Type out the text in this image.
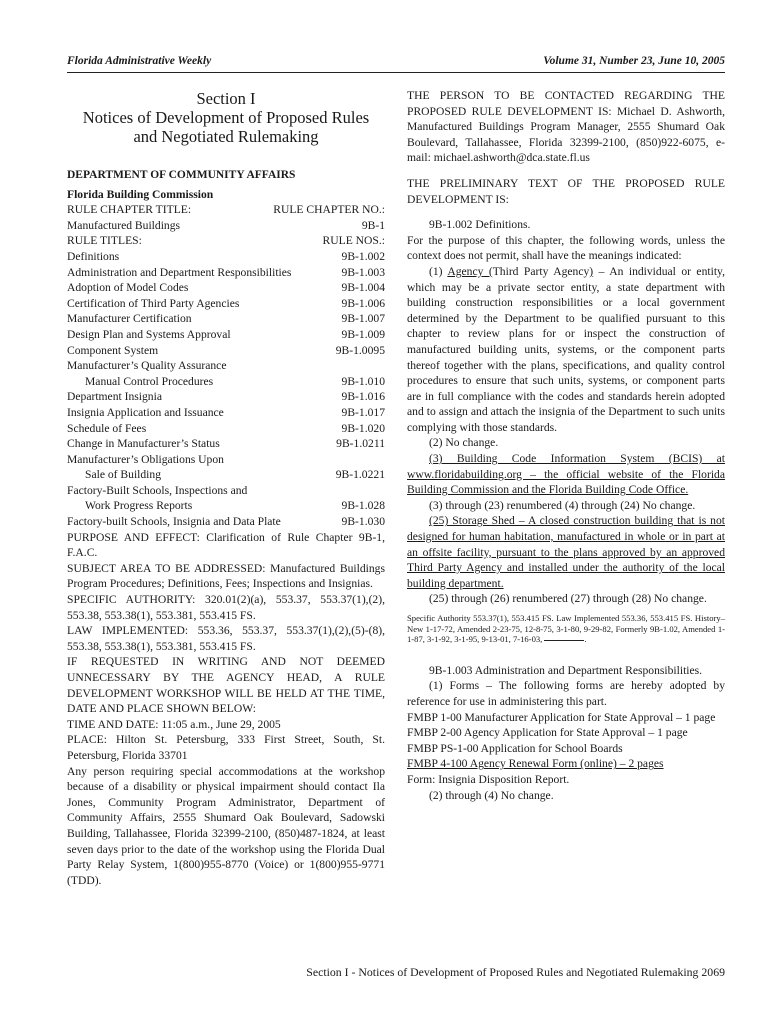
Florida Administrative Weekly	Volume 31, Number 23, June 10, 2005
Section I
Notices of Development of Proposed Rules
and Negotiated Rulemaking

DEPARTMENT OF COMMUNITY AFFAIRS

Florida Building Commission

RULE CHAPTER TITLE:	RULE CHAPTER NO.:
Manufactured Buildings	9B-1
RULE TITLES:	RULE NOS.:
Definitions	9B-1.002
Administration and Department Responsibilities	9B-1.003
Adoption of Model Codes	9B-1.004
Certification of Third Party Agencies	9B-1.006
Manufacturer Certification	9B-1.007
Design Plan and Systems Approval	9B-1.009
Component System	9B-1.0095
Manufacturer’s Quality Assurance
Manual Control Procedures	9B-1.010
Department Insignia	9B-1.016
Insignia Application and Issuance	9B-1.017
Schedule of Fees	9B-1.020
Change in Manufacturer’s Status	9B-1.0211
Manufacturer’s Obligations Upon
Sale of Building	9B-1.0221
Factory-Built Schools, Inspections and
Work Progress Reports	9B-1.028
Factory-built Schools, Insignia and Data Plate	9B-1.030

PURPOSE AND EFFECT: Clarification of Rule Chapter 9B-1, F.A.C.

SUBJECT AREA TO BE ADDRESSED: Manufactured Buildings Program Procedures; Definitions, Fees; Inspections and Insignias.

SPECIFIC AUTHORITY: 320.01(2)(a), 553.37, 553.37(1),(2), 553.38, 553.38(1), 553.381, 553.415 FS.

LAW IMPLEMENTED: 553.36, 553.37, 553.37(1),(2),(5)-(8), 553.38, 553.38(1), 553.381, 553.415 FS.

IF REQUESTED IN WRITING AND NOT DEEMED UNNECESSARY BY THE AGENCY HEAD, A RULE DEVELOPMENT WORKSHOP WILL BE HELD AT THE TIME, DATE AND PLACE SHOWN BELOW:

TIME AND DATE: 11:05 a.m., June 29, 2005

PLACE: Hilton St. Petersburg, 333 First Street, South, St. Petersburg, Florida 33701

Any person requiring special accommodations at the workshop because of a disability or physical impairment should contact Ila Jones, Community Program Administrator, Department of Community Affairs, 2555 Shumard Oak Boulevard, Sadowski Building, Tallahassee, Florida 32399-2100, (850)487-1824, at least seven days prior to the date of the workshop using the Florida Dual Party Relay System, 1(800)955-8770 (Voice) or 1(800)955-9771 (TDD).

THE PERSON TO BE CONTACTED REGARDING THE PROPOSED RULE DEVELOPMENT IS: Michael D. Ashworth, Manufactured Buildings Program Manager, 2555 Shumard Oak Boulevard, Tallahassee, Florida 32399-2100, (850)922-6075, e-mail: michael.ashworth@dca.state.fl.us

THE PRELIMINARY TEXT OF THE PROPOSED RULE DEVELOPMENT IS:

9B-1.002 Definitions.

For the purpose of this chapter, the following words, unless the context does not permit, shall have the meanings indicated:

(1) Agency (Third Party Agency) – An individual or entity, which may be a private sector entity, a state department with building construction responsibilities or a local government determined by the Department to be qualified pursuant to this chapter to review plans for or inspect the construction of manufactured building units, systems, or the component parts thereof together with the plans, specifications, and quality control procedures to ensure that such units, systems, or component parts are in full compliance with the codes and standards herein adopted and to assign and attach the insignia of the Department to such units complying with those standards.

(2) No change.

(3) Building Code Information System (BCIS) at www.floridabuilding.org – the official website of the Florida Building Commission and the Florida Building Code Office.

(3) through (23) renumbered (4) through (24) No change.

(25) Storage Shed – A closed construction building that is not designed for human habitation, manufactured in whole or in part at an offsite facility, pursuant to the plans approved by an approved Third Party Agency and installed under the authority of the local building department.

(25) through (26) renumbered (27) through (28) No change.

Specific Authority 553.37(1), 553.415 FS. Law Implemented 553.36, 553.415 FS. History–New 1-17-72, Amended 2-23-75, 12-8-75, 3-1-80, 9-29-82, Formerly 9B-1.02, Amended 1-1-87, 3-1-92, 3-1-95, 9-13-01, 7-16-03,	.

9B-1.003 Administration and Department Responsibilities.

(1) Forms – The following forms are hereby adopted by reference for use in administering this part.

FMBP 1-00 Manufacturer Application for State Approval – 1 page

FMBP 2-00 Agency Application for State Approval – 1 page

FMBP PS-1-00 Application for School Boards

FMBP 4-100 Agency Renewal Form (online) – 2 pages

Form: Insignia Disposition Report.

(2) through (4) No change.

Section I - Notices of Development of Proposed Rules and Negotiated Rulemaking 2069
